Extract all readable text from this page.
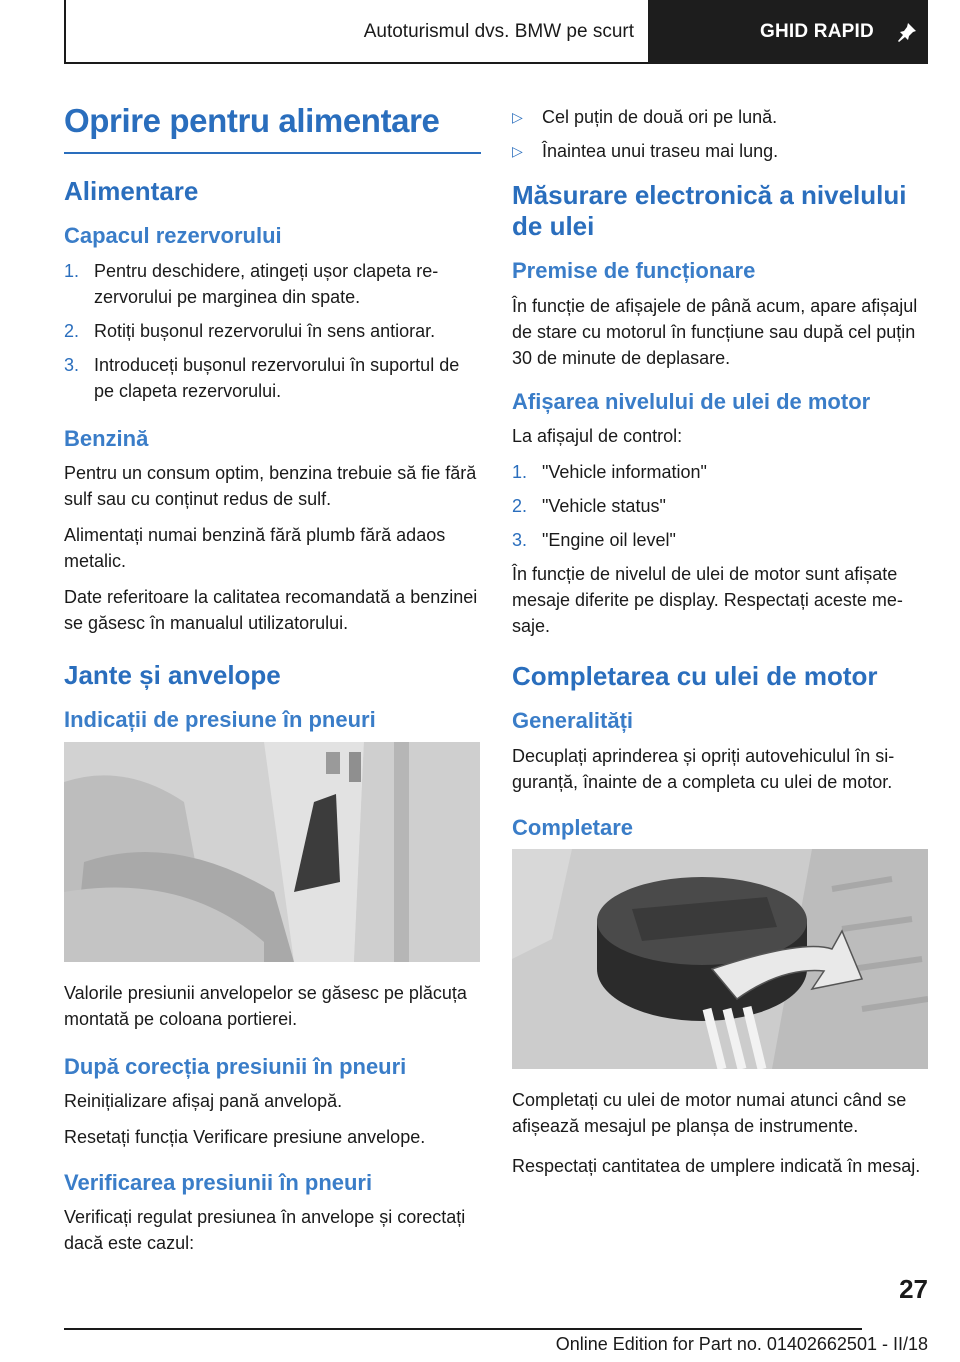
Autoturismul dvs. BMW pe scurt	GHID RAPID
Oprire pentru alimentare
Alimentare
Capacul rezervorului
1. Pentru deschidere, atingeți ușor clapeta rezervorului pe marginea din spate.
2. Rotiți bușonul rezervorului în sens antiorar.
3. Introduceți bușonul rezervorului în suportul de pe clapeta rezervorului.
Benzină

Pentru un consum optim, benzina trebuie să fie fără sulf sau cu conținut redus de sulf.

Alimentați numai benzină fără plumb fără adaos metalic.

Date referitoare la calitatea recomandată a benzinei se găsesc în manualul utilizatorului.

Jante și anvelope
Indicații de presiune în pneuri

Valorile presiunii anvelopelor se găsesc pe plăcuța montată pe coloana portierei.

După corecția presiunii în pneuri

Reinițializare afișaj pană anvelopă.

Resetați funcția Verificare presiune anvelope.

Verificarea presiunii în pneuri

Verificați regulat presiunea în anvelope și corectați dacă este cazul:

▷ Cel puțin de două ori pe lună.
▷ Înaintea unui traseu mai lung.
Măsurare electronică a nivelului de ulei
Premise de funcționare

În funcție de afișajele de până acum, apare afișajul de stare cu motorul în funcțiune sau după cel puțin 30 de minute de deplasare.

Afișarea nivelului de ulei de motor

La afișajul de control:

1. "Vehicle information"
2. "Vehicle status"
3. "Engine oil level"

În funcție de nivelul de ulei de motor sunt afișate mesaje diferite pe display. Respectați aceste mesaje.

Completarea cu ulei de motor
Generalități

Decuplați aprinderea și opriți autovehiculul în siguranță, înainte de a completa cu ulei de motor.

Completare

Completați cu ulei de motor numai atunci când se afișează mesajul pe planșa de instrumente.

Respectați cantitatea de umplere indicată în mesaj.

27
Online Edition for Part no. 01402662501 - II/18
